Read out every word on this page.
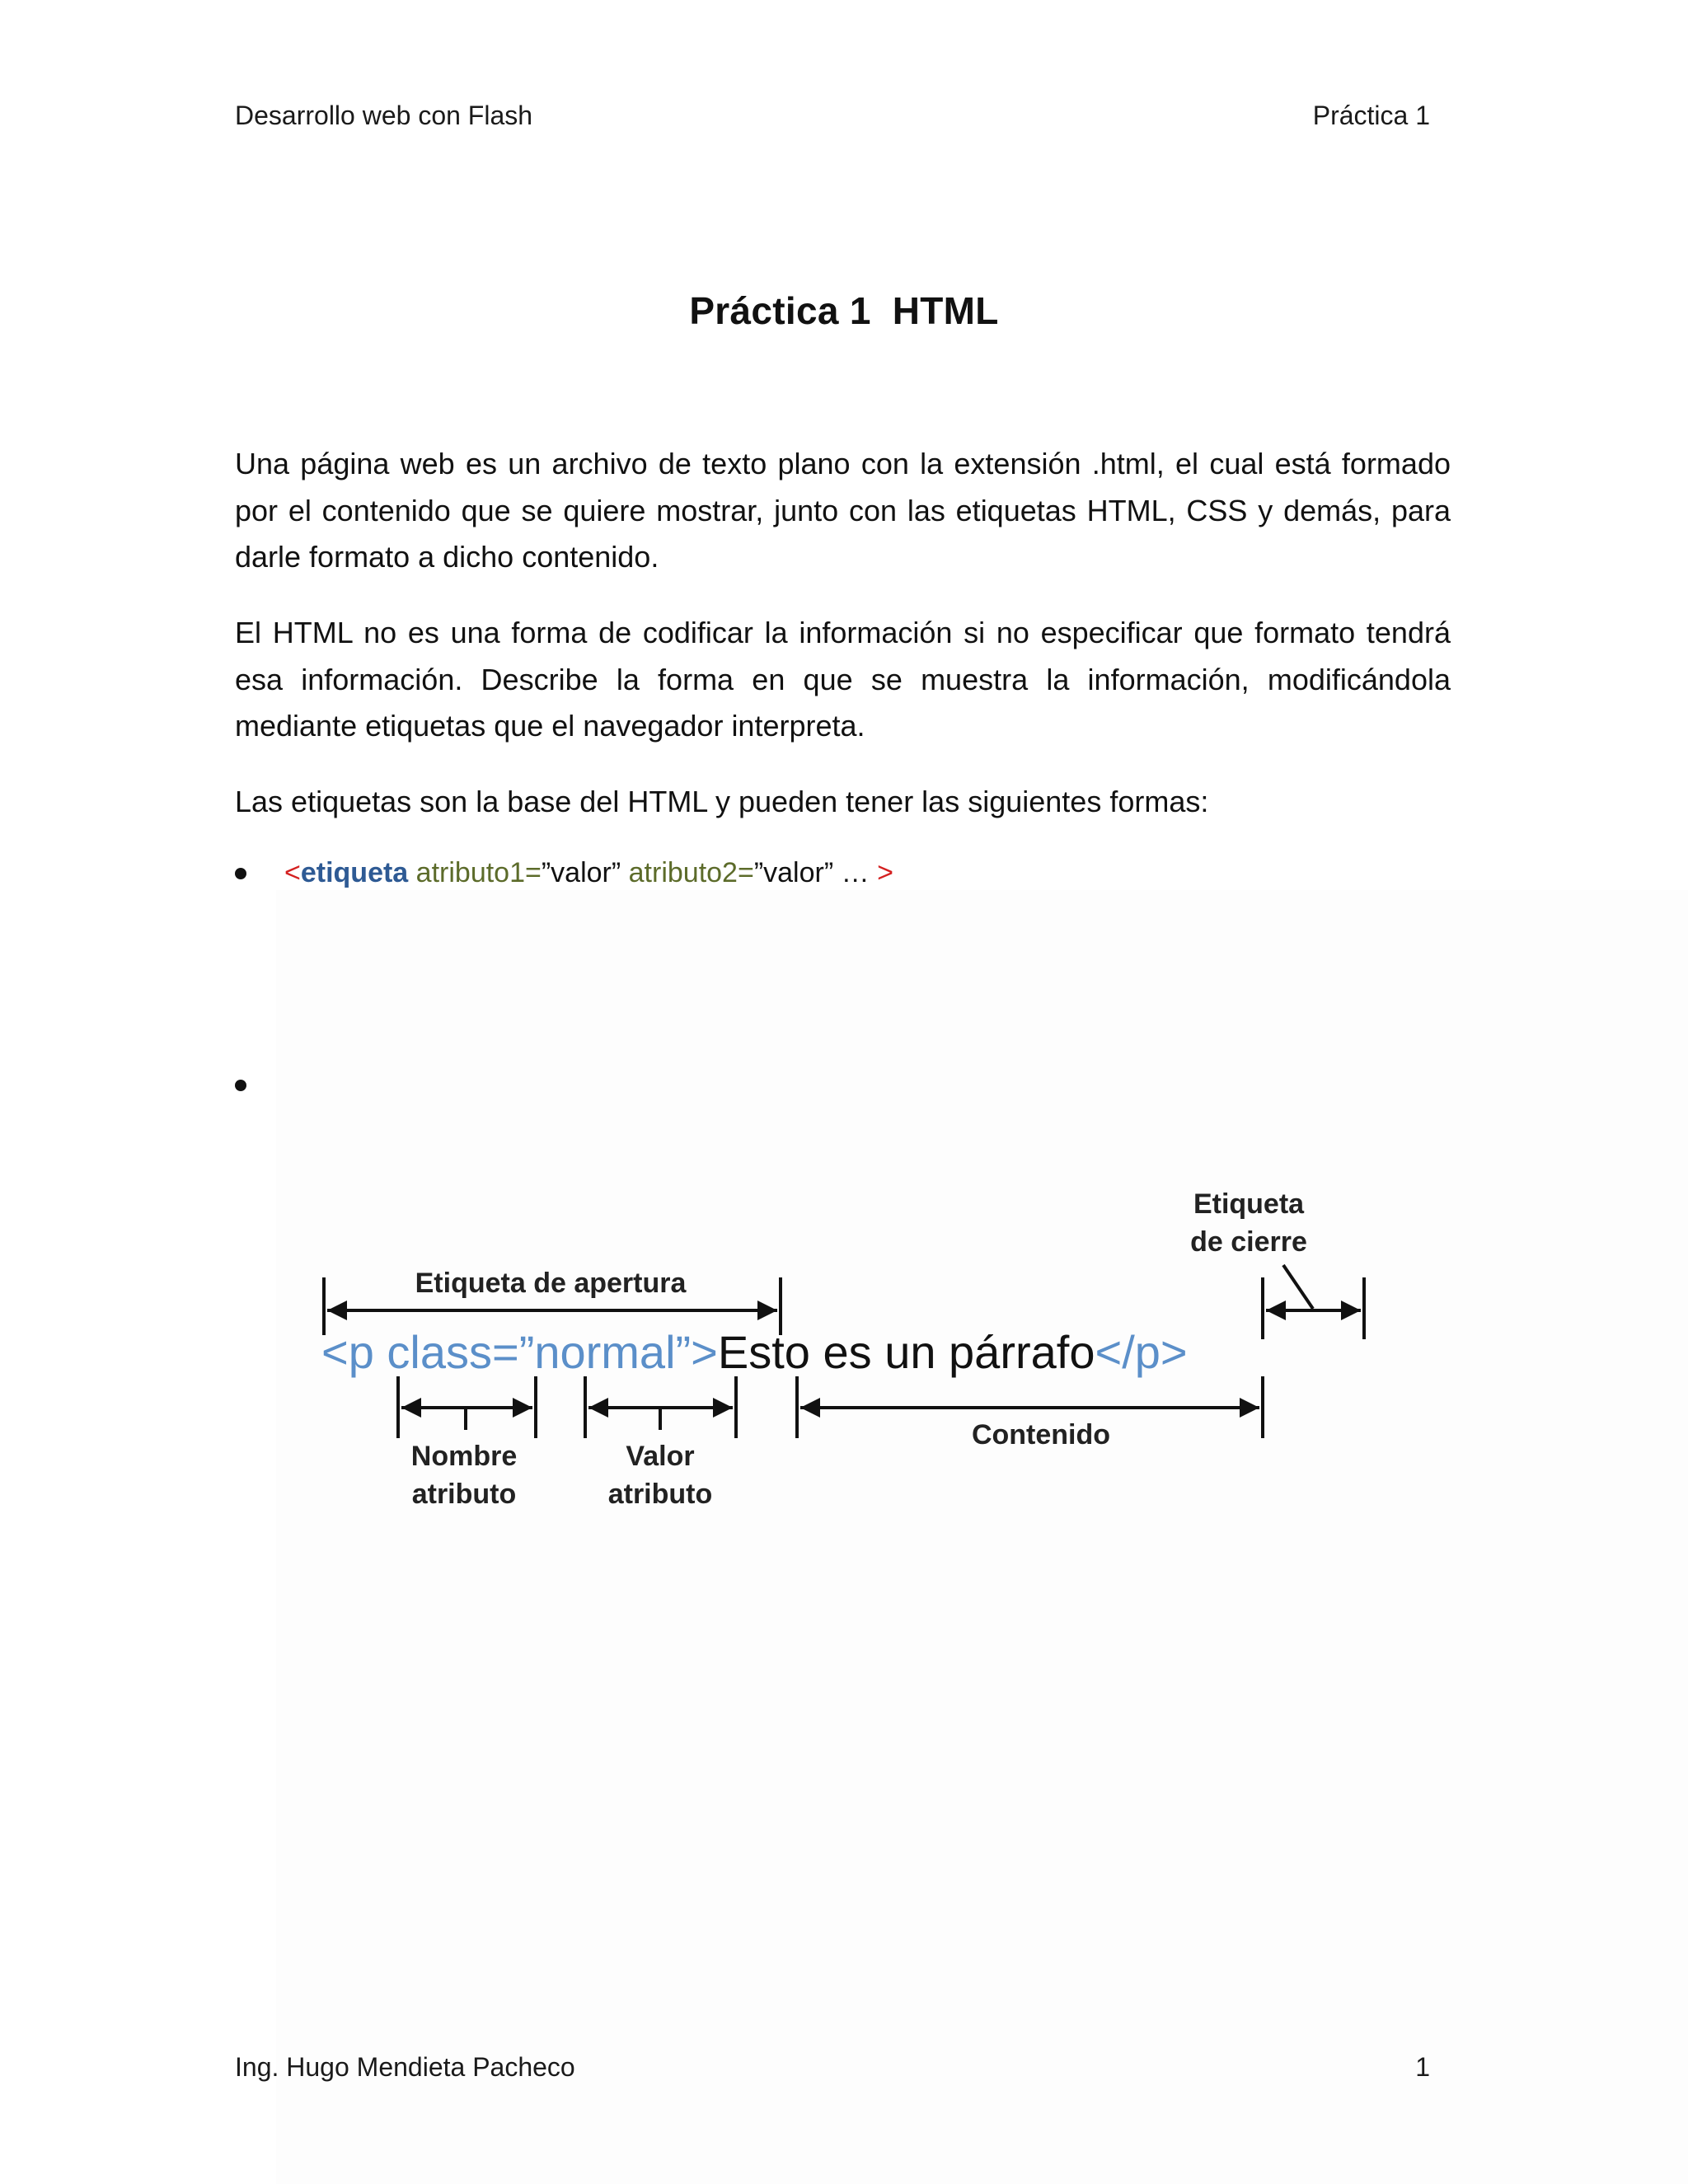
Desarrollo web con Flash	Práctica 1
Práctica 1 HTML
Una página web es un archivo de texto plano con la extensión .html, el cual está formado por el contenido que se quiere mostrar, junto con las etiquetas HTML, CSS y demás, para darle formato a dicho contenido.
El HTML no es una forma de codificar la información si no especificar que formato tendrá esa información. Describe la forma en que se muestra la información, modificándola mediante etiquetas que el navegador interpreta.
Las etiquetas son la base del HTML y pueden tener las siguientes formas:
<etiqueta atributo1=”valor” atributo2=”valor” … >
Etiqueta de apertura
Etiqueta
de cierre
<p class=”normal”>Esto es un párrafo</p>
Nombre
atributo
Valor
atributo
Contenido
Ing. Hugo Mendieta Pacheco	1
